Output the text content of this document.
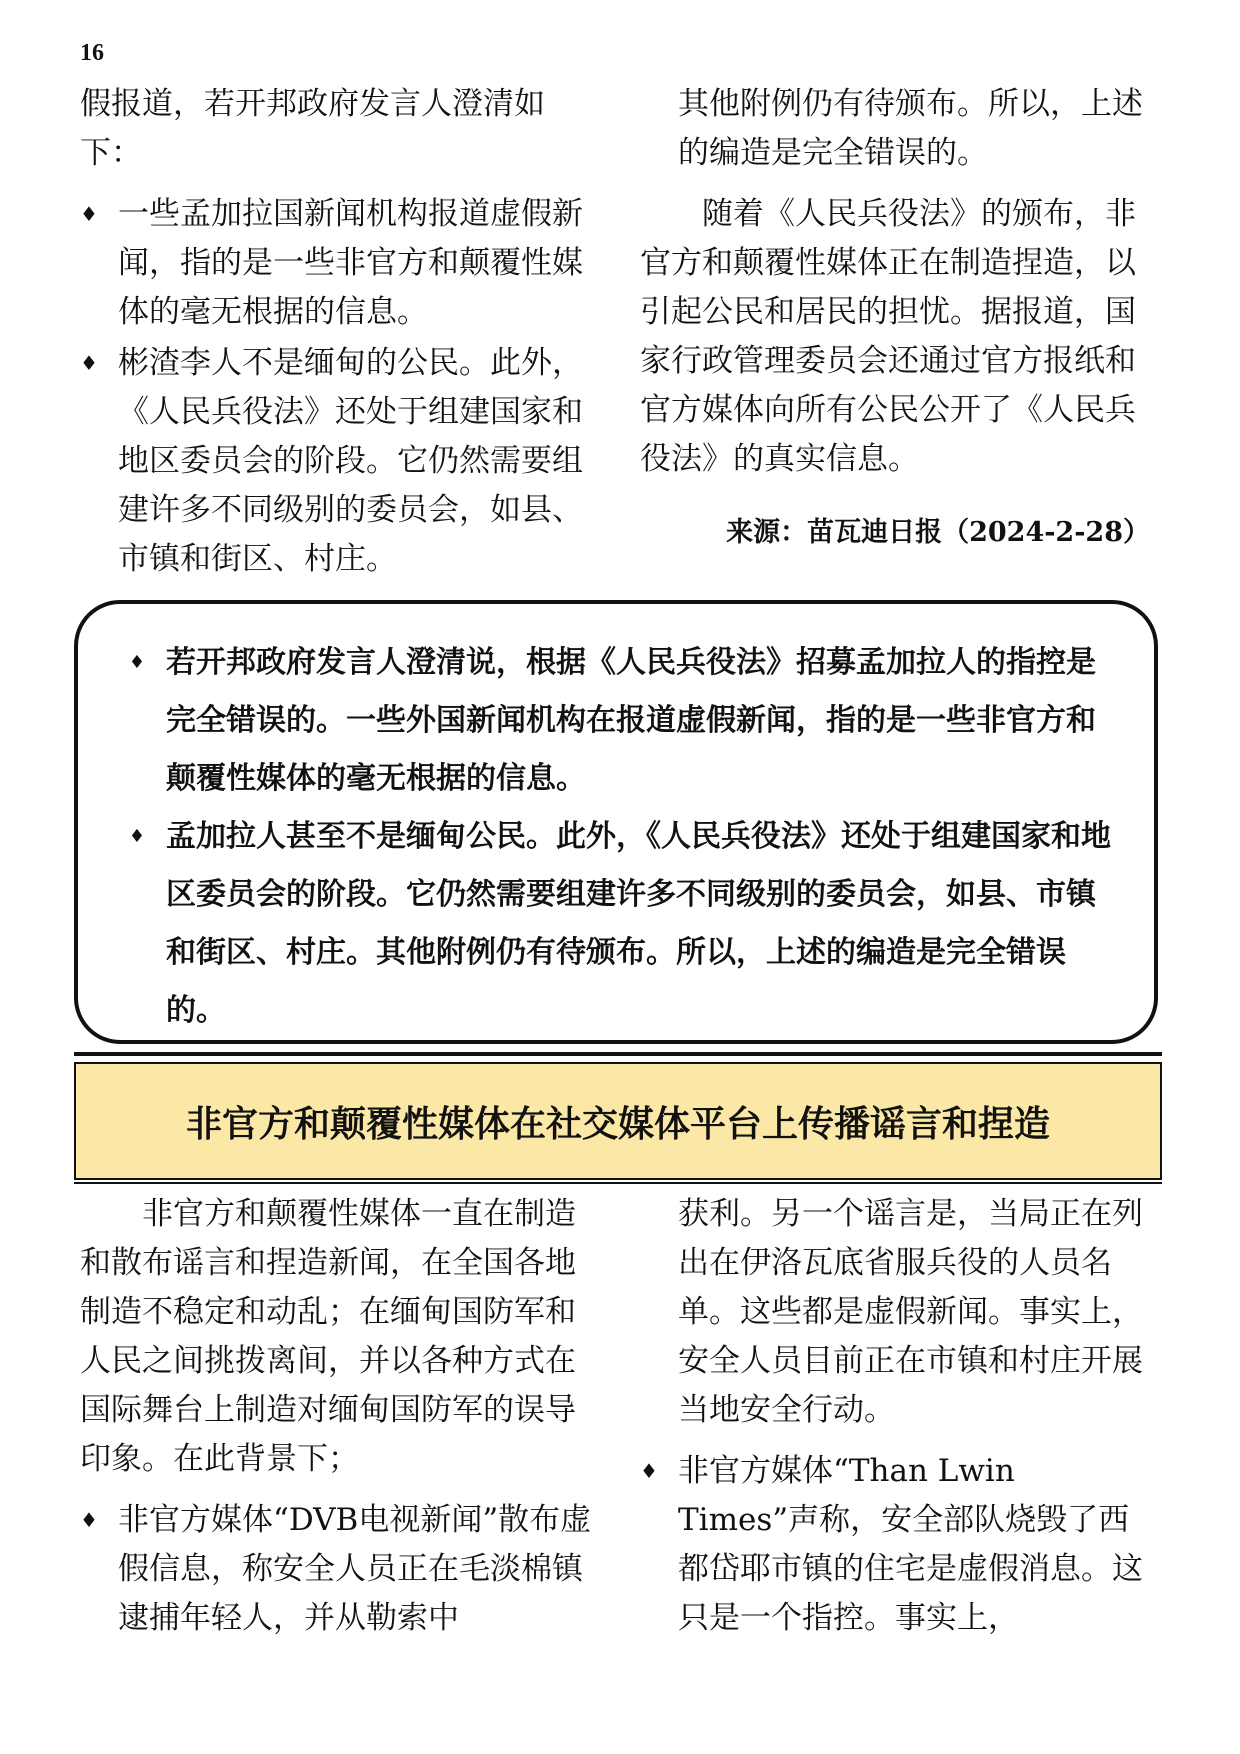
16

假报道，若开邦政府发言人澄清如下：

♦ 一些孟加拉国新闻机构报道虚假新闻，指的是一些非官方和颠覆性媒体的毫无根据的信息。
♦ 彬渣李人不是缅甸的公民。此外，《人民兵役法》还处于组建国家和地区委员会的阶段。它仍然需要组建许多不同级别的委员会，如县、市镇和街区、村庄。

其他附例仍有待颁布。所以，上述的编造是完全错误的。

随着《人民兵役法》的颁布，非官方和颠覆性媒体正在制造捏造，以引起公民和居民的担忧。据报道，国家行政管理委员会还通过官方报纸和官方媒体向所有公民公开了《人民兵役法》的真实信息。

来源：苗瓦迪日报（2024-2-28）
♦ 若开邦政府发言人澄清说，根据《人民兵役法》招募孟加拉人的指控是完全错误的。一些外国新闻机构在报道虚假新闻，指的是一些非官方和颠覆性媒体的毫无根据的信息。
♦ 孟加拉人甚至不是缅甸公民。此外，《人民兵役法》还处于组建国家和地区委员会的阶段。它仍然需要组建许多不同级别的委员会，如县、市镇和街区、村庄。其他附例仍有待颁布。所以，上述的编造是完全错误的。
非官方和颠覆性媒体在社交媒体平台上传播谣言和捏造

非官方和颠覆性媒体一直在制造和散布谣言和捏造新闻，在全国各地制造不稳定和动乱；在缅甸国防军和人民之间挑拨离间，并以各种方式在国际舞台上制造对缅甸国防军的误导印象。在此背景下；

♦ 非官方媒体“DVB电视新闻”散布虚假信息，称安全人员正在毛淡棉镇逮捕年轻人，并从勒索中

获利。另一个谣言是，当局正在列出在伊洛瓦底省服兵役的人员名单。这些都是虚假新闻。事实上，安全人员目前正在市镇和村庄开展当地安全行动。

♦ 非官方媒体“Than Lwin Times”声称，安全部队烧毁了西都岱耶市镇的住宅是虚假消息。这只是一个指控。事实上，
